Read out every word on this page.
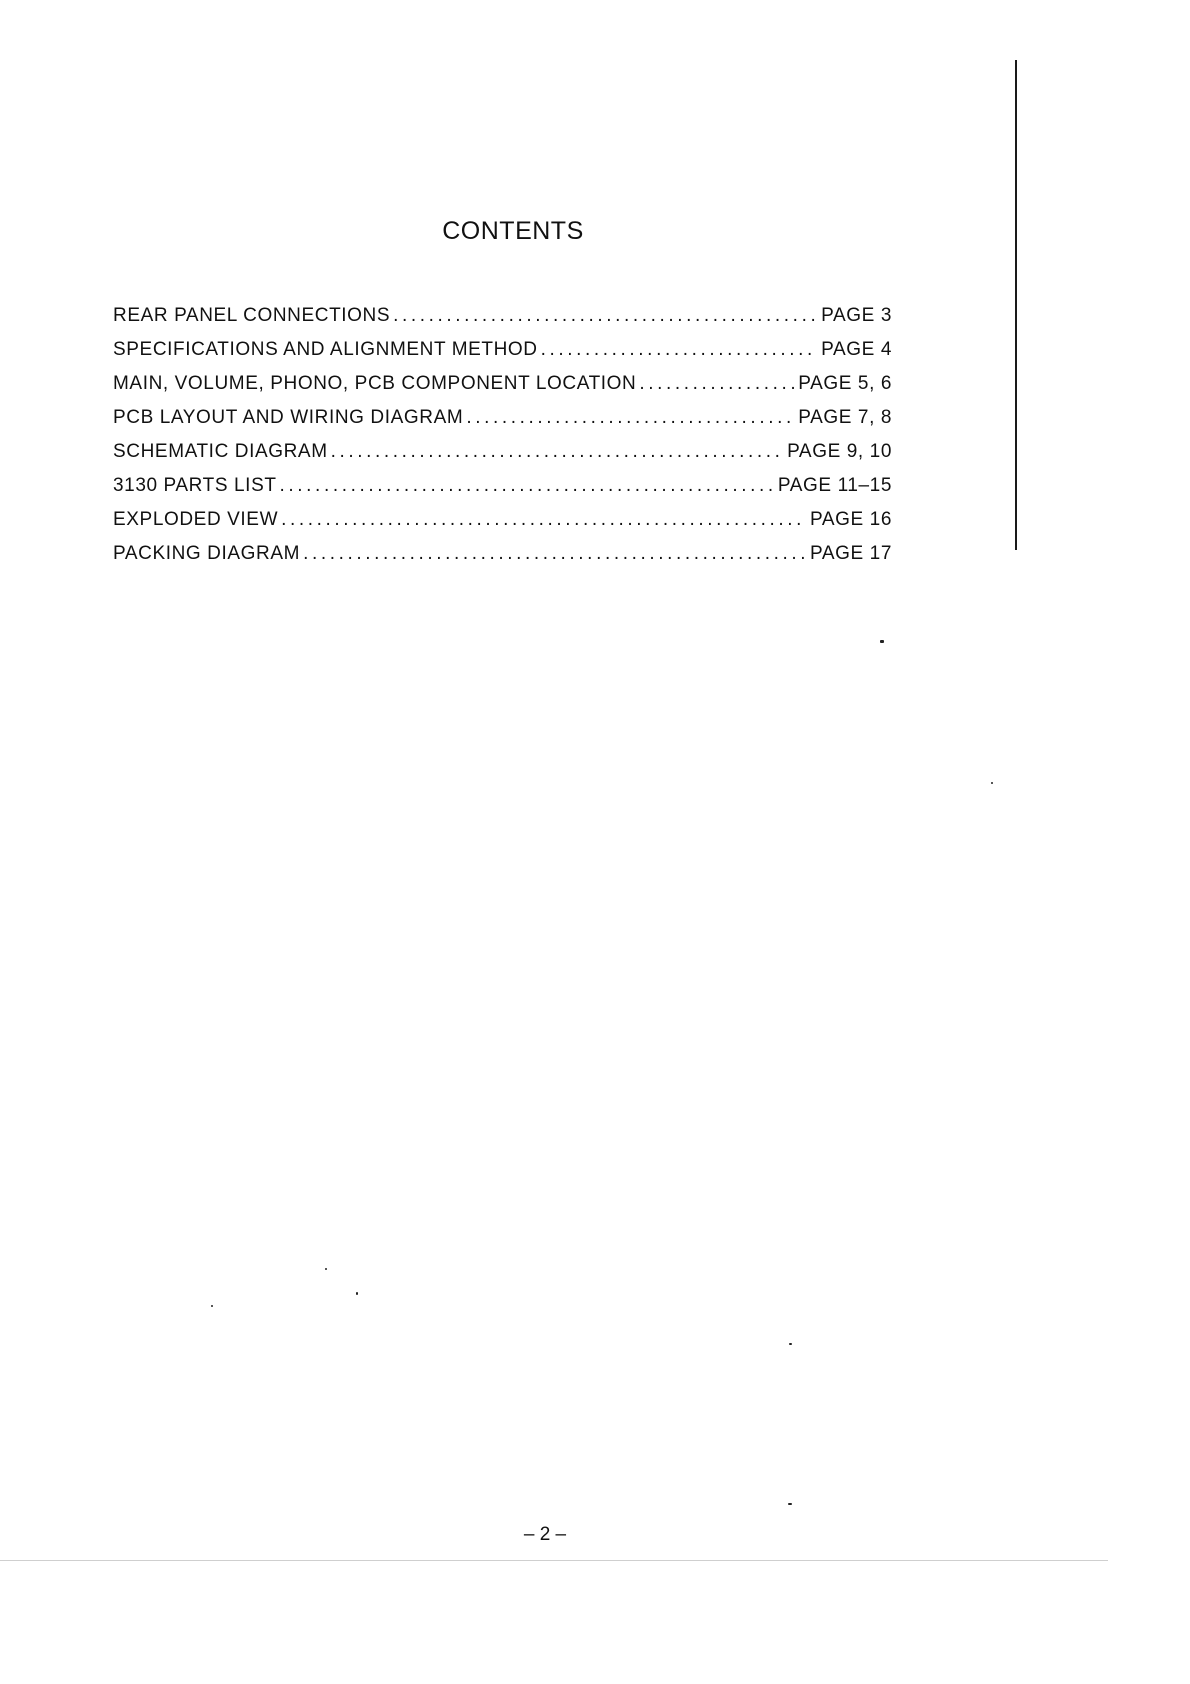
CONTENTS
REAR PANEL CONNECTIONS .....	PAGE 3
SPECIFICATIONS AND ALIGNMENT METHOD .....	PAGE 4
MAIN, VOLUME, PHONO, PCB COMPONENT LOCATION .....	PAGE 5, 6
PCB LAYOUT AND WIRING DIAGRAM .....	PAGE 7, 8
SCHEMATIC DIAGRAM .....	PAGE 9, 10
3130 PARTS LIST .....	PAGE 11–15
EXPLODED VIEW .....	PAGE 16
PACKING DIAGRAM .....	PAGE 17
– 2 –
